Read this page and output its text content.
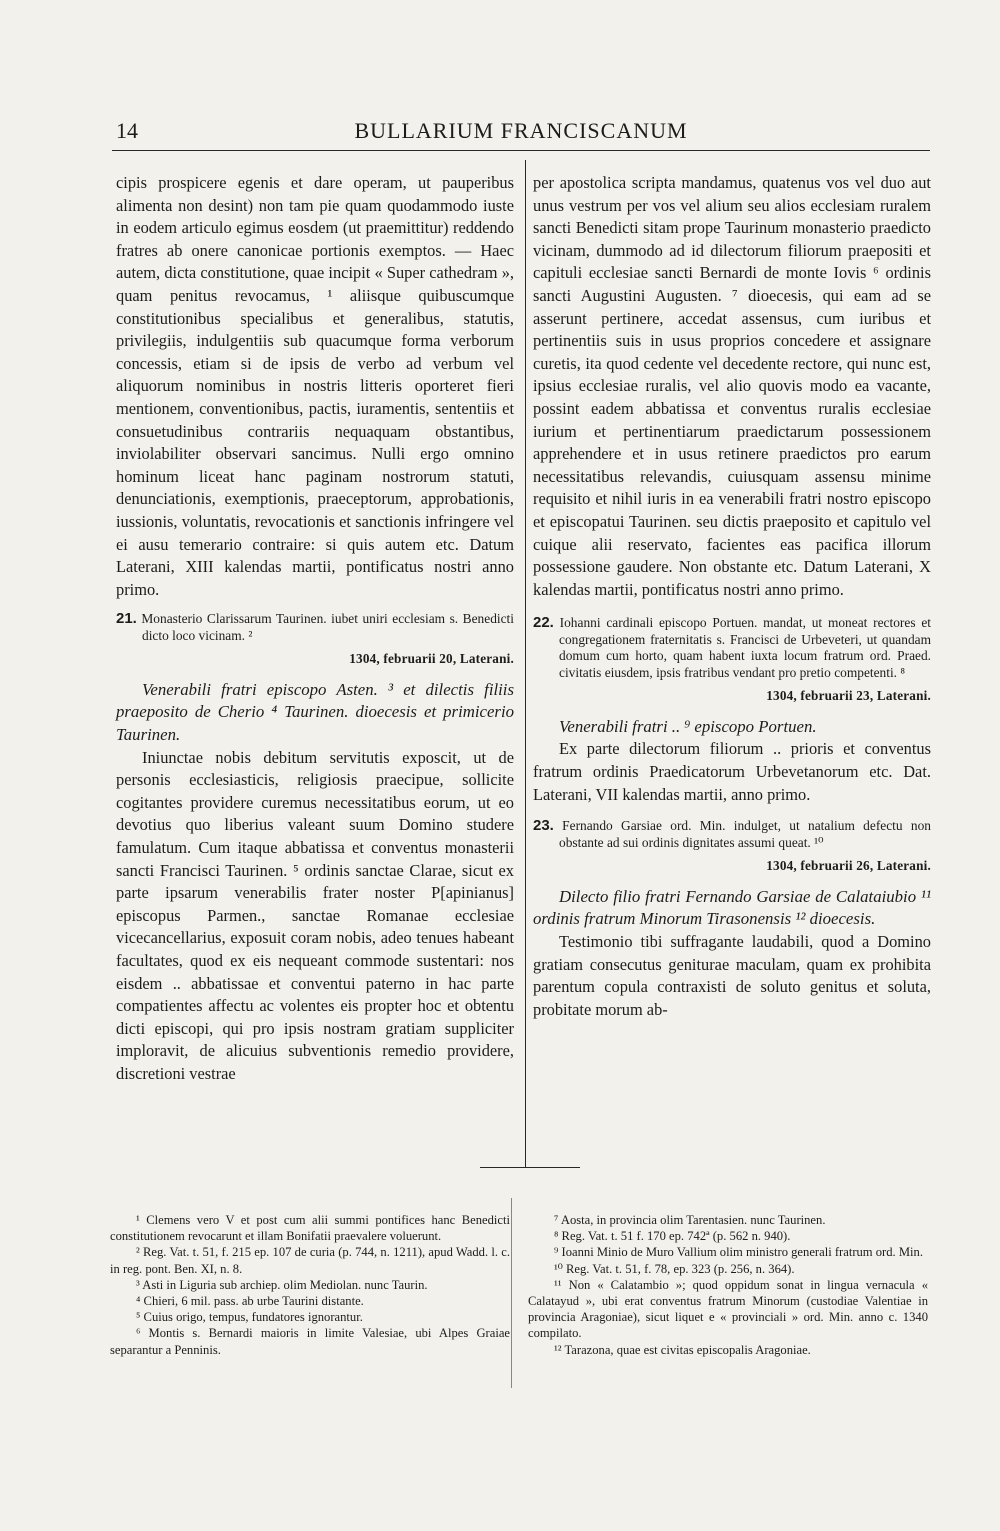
14	BULLARIUM FRANCISCANUM

cipis prospicere egenis et dare operam, ut pauperibus alimenta non desint) non tam pie quam quodammodo iuste in eodem articulo egimus eosdem (ut praemittitur) reddendo fratres ab onere canonicae portionis exemptos. — Haec autem, dicta constitutione, quae incipit « Super cathedram », quam penitus revocamus, ¹ aliisque quibuscumque constitutionibus specialibus et generalibus, statutis, privilegiis, indulgentiis sub quacumque forma verborum concessis, etiam si de ipsis de verbo ad verbum vel aliquorum nominibus in nostris litteris oporteret fieri mentionem, conventionibus, pactis, iuramentis, sententiis et consuetudinibus contrariis nequaquam obstantibus, inviolabiliter observari sancimus. Nulli ergo omnino hominum liceat hanc paginam nostrorum statuti, denunciationis, exemptionis, praeceptorum, approbationis, iussionis, voluntatis, revocationis et sanctionis infringere vel ei ausu temerario contraire: si quis autem etc. Datum Laterani, XIII kalendas martii, pontificatus nostri anno primo.

21. Monasterio Clarissarum Taurinen. iubet uniri ecclesiam s. Benedicti dicto loco vicinam. ²

1304, februarii 20, Laterani.

Venerabili fratri episcopo Asten. ³ et dilectis filiis praeposito de Cherio ⁴ Taurinen. dioecesis et primicerio Taurinen.

Iniunctae nobis debitum servitutis exposcit, ut de personis ecclesiasticis, religiosis praecipue, sollicite cogitantes providere curemus necessitatibus eorum, ut eo devotius quo liberius valeant suum Domino studere famulatum. Cum itaque abbatissa et conventus monasterii sancti Francisci Taurinen. ⁵ ordinis sanctae Clarae, sicut ex parte ipsarum venerabilis frater noster P[apinianus] episcopus Parmen., sanctae Romanae ecclesiae vicecancellarius, exposuit coram nobis, adeo tenues habeant facultates, quod ex eis nequeant commode sustentari: nos eisdem .. abbatissae et conventui paterno in hac parte compatientes affectu ac volentes eis propter hoc et obtentu dicti episcopi, qui pro ipsis nostram gratiam suppliciter imploravit, de alicuius subventionis remedio providere, discretioni vestrae

per apostolica scripta mandamus, quatenus vos vel duo aut unus vestrum per vos vel alium seu alios ecclesiam ruralem sancti Benedicti sitam prope Taurinum monasterio praedicto vicinam, dummodo ad id dilectorum filiorum praepositi et capituli ecclesiae sancti Bernardi de monte Iovis ⁶ ordinis sancti Augustini Augusten. ⁷ dioecesis, qui eam ad se asserunt pertinere, accedat assensus, cum iuribus et pertinentiis suis in usus proprios concedere et assignare curetis, ita quod cedente vel decedente rectore, qui nunc est, ipsius ecclesiae ruralis, vel alio quovis modo ea vacante, possint eadem abbatissa et conventus ruralis ecclesiae iurium et pertinentiarum praedictarum possessionem apprehendere et in usus retinere praedictos pro earum necessitatibus relevandis, cuiusquam assensu minime requisito et nihil iuris in ea venerabili fratri nostro episcopo et episcopatui Taurinen. seu dictis praeposito et capitulo vel cuique alii reservato, facientes eas pacifica illorum possessione gaudere. Non obstante etc. Datum Laterani, X kalendas martii, pontificatus nostri anno primo.

22. Iohanni cardinali episcopo Portuen. mandat, ut moneat rectores et congregationem fraternitatis s. Francisci de Urbeveteri, ut quandam domum cum horto, quam habent iuxta locum fratrum ord. Praed. civitatis eiusdem, ipsis fratribus vendant pro pretio competenti. ⁸

1304, februarii 23, Laterani.

Venerabili fratri .. ⁹ episcopo Portuen.

Ex parte dilectorum filiorum .. prioris et conventus fratrum ordinis Praedicatorum Urbevetanorum etc. Dat. Laterani, VII kalendas martii, anno primo.

23. Fernando Garsiae ord. Min. indulget, ut natalium defectu non obstante ad sui ordinis dignitates assumi queat. ¹⁰

1304, februarii 26, Laterani.

Dilecto filio fratri Fernando Garsiae de Calataiubio ¹¹ ordinis fratrum Minorum Tirasonensis ¹² dioecesis.

Testimonio tibi suffragante laudabili, quod a Domino gratiam consecutus geniturae maculam, quam ex prohibita parentum copula contraxisti de soluto genitus et soluta, probitate morum ab-

¹ Clemens vero V et post cum alii summi pontifices hanc Benedicti constitutionem revocarunt et illam Bonifatii praevalere voluerunt.

² Reg. Vat. t. 51, f. 215 ep. 107 de curia (p. 744, n. 1211), apud Wadd. l. c. in reg. pont. Ben. XI, n. 8.

³ Asti in Liguria sub archiep. olim Mediolan. nunc Taurin.

⁴ Chieri, 6 mil. pass. ab urbe Taurini distante.

⁵ Cuius origo, tempus, fundatores ignorantur.

⁶ Montis s. Bernardi maioris in limite Valesiae, ubi Alpes Graiae separantur a Penninis.

⁷ Aosta, in provincia olim Tarentasien. nunc Taurinen.

⁸ Reg. Vat. t. 51 f. 170 ep. 742ª (p. 562 n. 940).

⁹ Ioanni Minio de Muro Vallium olim ministro generali fratrum ord. Min.

¹⁰ Reg. Vat. t. 51, f. 78, ep. 323 (p. 256, n. 364).

¹¹ Non « Calatambio »; quod oppidum sonat in lingua vernacula « Calatayud », ubi erat conventus fratrum Minorum (custodiae Valentiae in provincia Aragoniae), sicut liquet e « provinciali » ord. Min. anno c. 1340 compilato.

¹² Tarazona, quae est civitas episcopalis Aragoniae.
